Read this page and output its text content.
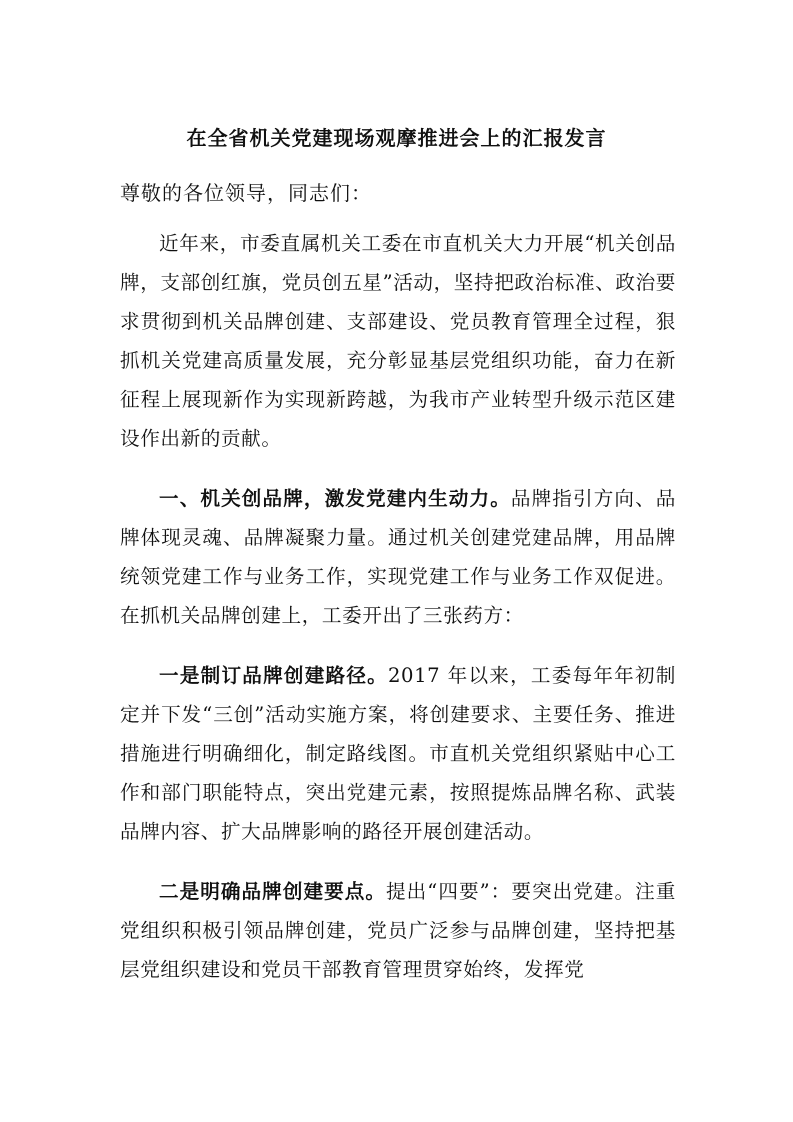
在全省机关党建现场观摩推进会上的汇报发言
尊敬的各位领导，同志们：

近年来，市委直属机关工委在市直机关大力开展“机关创品牌，支部创红旗，党员创五星”活动，坚持把政治标准、政治要求贯彻到机关品牌创建、支部建设、党员教育管理全过程，狠抓机关党建高质量发展，充分彰显基层党组织功能，奋力在新征程上展现新作为实现新跨越，为我市产业转型升级示范区建设作出新的贡献。

一、机关创品牌，激发党建内生动力。品牌指引方向、品牌体现灵魂、品牌凝聚力量。通过机关创建党建品牌，用品牌统领党建工作与业务工作，实现党建工作与业务工作双促进。在抓机关品牌创建上，工委开出了三张药方：

一是制订品牌创建路径。2017 年以来，工委每年年初制定并下发“三创”活动实施方案，将创建要求、主要任务、推进措施进行明确细化，制定路线图。市直机关党组织紧贴中心工作和部门职能特点，突出党建元素，按照提炼品牌名称、武装品牌内容、扩大品牌影响的路径开展创建活动。

二是明确品牌创建要点。提出“四要”：要突出党建。注重党组织积极引领品牌创建，党员广泛参与品牌创建，坚持把基层党组织建设和党员干部教育管理贯穿始终，发挥党
